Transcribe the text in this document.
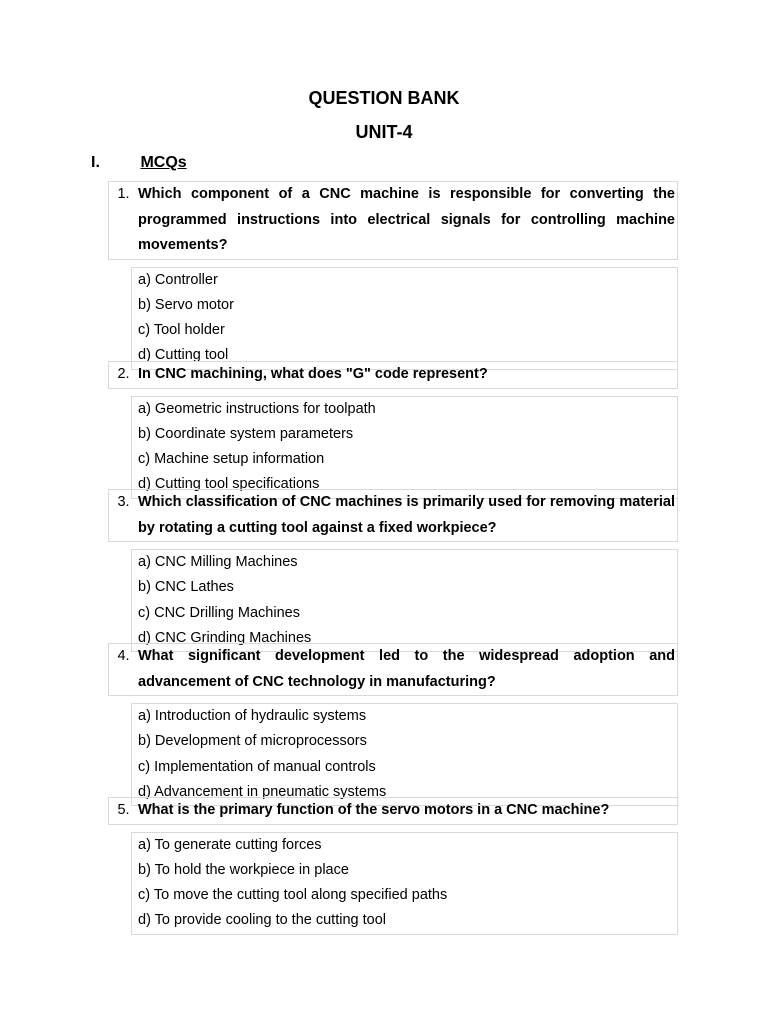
QUESTION BANK
UNIT-4
I.	MCQs
1. Which component of a CNC machine is responsible for converting the programmed instructions into electrical signals for controlling machine movements?
a) Controller
b) Servo motor
c) Tool holder
d) Cutting tool
2. In CNC machining, what does "G" code represent?
a) Geometric instructions for toolpath
b) Coordinate system parameters
c) Machine setup information
d) Cutting tool specifications
3. Which classification of CNC machines is primarily used for removing material by rotating a cutting tool against a fixed workpiece?
a) CNC Milling Machines
b) CNC Lathes
c) CNC Drilling Machines
d) CNC Grinding Machines
4. What significant development led to the widespread adoption and advancement of CNC technology in manufacturing?
a) Introduction of hydraulic systems
b) Development of microprocessors
c) Implementation of manual controls
d) Advancement in pneumatic systems
5. What is the primary function of the servo motors in a CNC machine?
a) To generate cutting forces
b) To hold the workpiece in place
c) To move the cutting tool along specified paths
d) To provide cooling to the cutting tool
